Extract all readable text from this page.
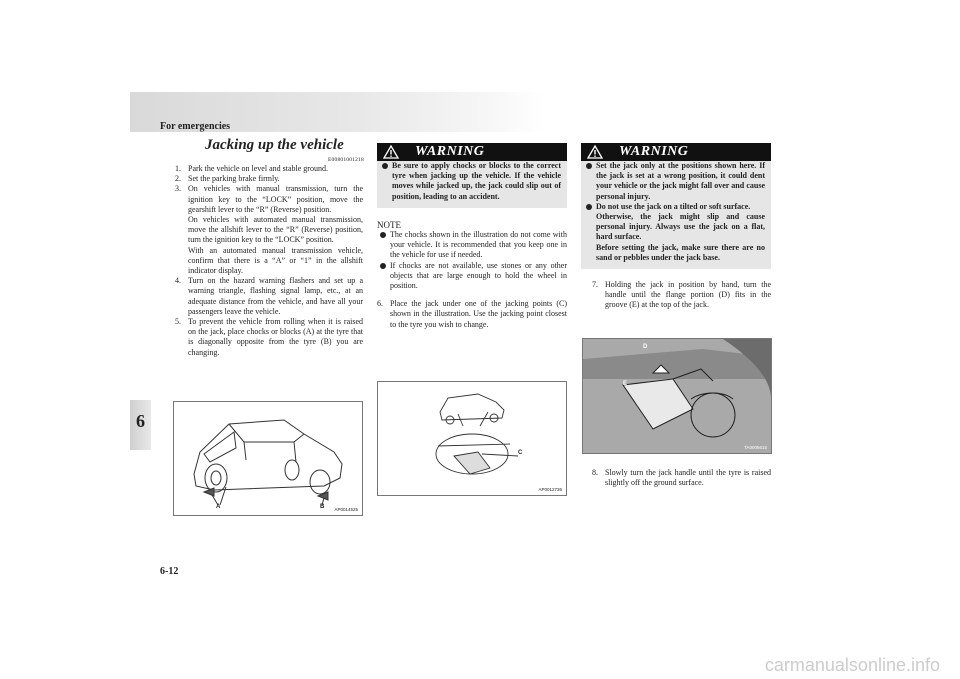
For emergencies
6
6-12
Jacking up the vehicle
E00801001218

1. Park the vehicle on level and stable ground.

2. Set the parking brake firmly.

3. On vehicles with manual transmission, turn the ignition key to the “LOCK” position, move the gearshift lever to the “R” (Reverse) position.

On vehicles with automated manual transmission, move the allshift lever to the “R” (Reverse) position, turn the ignition key to the “LOCK” position.

With an automated manual transmission vehicle, confirm that there is a “A” or “1” in the allshift indicator display.

4. Turn on the hazard warning flashers and set up a warning triangle, flashing signal lamp, etc., at an adequate distance from the vehicle, and have all your passengers leave the vehicle.

5. To prevent the vehicle from rolling when it is raised on the jack, place chocks or blocks (A) at the tyre that is diagonally opposite from the tyre (B) you are changing.

A	B AP0014525
WARNING
Be sure to apply chocks or blocks to the correct tyre when jacking up the vehicle. If the vehicle moves while jacked up, the jack could slip out of position, leading to an accident.
NOTE
The chocks shown in the illustration do not come with your vehicle. It is recommended that you keep one in the vehicle for use if needed.
If chocks are not available, use stones or any other objects that are large enough to hold the wheel in position.

6. Place the jack under one of the jacking points (C) shown in the illustration. Use the jacking point closest to the tyre you wish to change.

C
AP0012736
WARNING
Set the jack only at the positions shown here. If the jack is set at a wrong position, it could dent your vehicle or the jack might fall over and cause personal injury.
Do not use the jack on a tilted or soft surface.
Otherwise, the jack might slip and cause personal injury. Always use the jack on a flat, hard surface.
Before setting the jack, make sure there are no sand or pebbles under the jack base.

7. Holding the jack in position by hand, turn the handle until the flange portion (D) fits in the groove (E) at the top of the jack.

D
E
TA0005615

8. Slowly turn the jack handle until the tyre is raised slightly off the ground surface.

carmanualsonline.info
